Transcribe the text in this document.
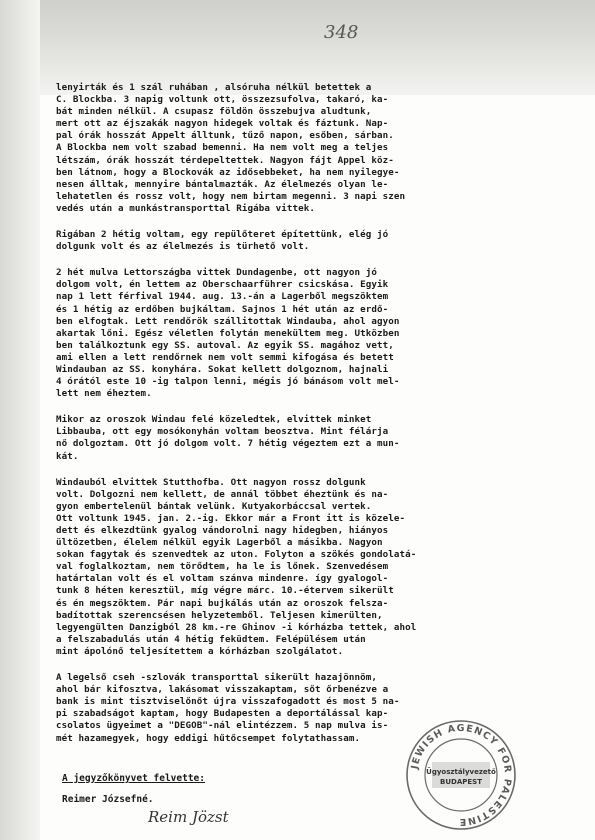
348
lenyirták és 1 szál ruhában , alsóruha nélkül betettek a
C. Blockba. 3 napig voltunk ott, összezsufolva, takaró, ka-
bát minden nélkül. A csupasz földön összebujva aludtunk,
mert ott az éjszakák nagyon hidegek voltak és fáztunk. Nap-
pal órák hosszát Appelt álltunk, tűző napon, esőben, sárban.
A Blockba nem volt szabad bemenni. Ha nem volt meg a teljes
létszám, órák hosszát térdepeltettek. Nagyon fájt Appel köz-
ben látnom, hogy a Blockovák az idősebbeket, ha nem nyilegye-
nesen álltak, mennyire bántalmazták. Az élelmezés olyan le-
lehatetlen és rossz volt, hogy nem birtam megenni. 3 napi szen
vedés után a munkástransporttal Rigába vittek.
Rigában 2 hétig voltam, egy repülőteret építettünk, elég jó
dolgunk volt és az élelmezés is türhető volt.
2 hét mulva Lettországba vittek Dundagenbe, ott nagyon jó
dolgom volt, én lettem az Oberschaarführer csicskása. Egyik
nap 1 lett férfival 1944. aug. 13.-án a Lagerből megszöktem
és 1 hétig az erdőben bujkáltam. Sajnos 1 hét után az erdő-
ben elfogtak. Lett rendőrök szállitottak Windauba, ahol agyon
akartak lőni. Egész véletlen folytán menekültem meg. Utközben
ben találkoztunk egy SS. autoval. Az egyik SS. magához vett,
ami ellen a lett rendőrnek nem volt semmi kifogása és betett
Windauban az SS. konyhára. Sokat kellett dolgoznom, hajnali
4 órától este 10 -ig talpon lenni, mégis jó bánásom volt mel-
lett nem éheztem.
Mikor az oroszok Windau felé közeledtek, elvittek minket
Libbauba, ott egy mosókonyhán voltam beosztva. Mint félárja
nő dolgoztam. Ott jó dolgom volt. 7 hétig végeztem ezt a mun-
kát.
Windauból elvittek Stutthofba. Ott nagyon rossz dolgunk
volt. Dolgozni nem kellett, de annál többet éheztünk és na-
gyon embertelenül bántak velünk. Kutyakorbáccsal vertek.
Ott voltunk 1945. jan. 2.-ig. Ekkor már a Front itt is közele-
dett és elkezdtünk gyalog vándorolni nagy hidegben, hiányos
ültözetben, élelem nélkül egyik Lagerből a másikba. Nagyon
sokan fagytak és szenvedtek az uton. Folyton a szökés gondolatá-
val foglalkoztam, nem törődtem, ha le is lőnek. Szenvedésem
határtalan volt és el voltam szánva mindenre. így gyalogol-
tunk 8 héten keresztül, míg végre márc. 10.-étervem sikerült
és én megszöktem. Pár napi bujkálás után az oroszok felsza-
badítottak szerencsésen helyzetemből. Teljesen kimerülten,
legyengülten Danzigból 28 km.-re Ghinov -i kórházba tettek, ahol
a felszabadulás után 4 hétig feküdtem. Felépülésem után
mint ápolónő teljesítettem a kórházban szolgálatot.
A legelső cseh -szlovák transporttal sikerült hazajönnöm,
ahol bár kifosztva, lakásomat visszakaptam, sőt őrbenézve a
bank is mint tisztviselőnőt újra visszafogadott és most 5 na-
pi szabadságot kaptam, hogy Budapesten a deportálással kap-
csolatos ügyeimet a "DEGOB"-nál elintézzem. 5 nap mulva is-
mét hazamegyek, hogy eddigi hűtőcsempet folytathassam.
A jegyzőkönyvet felvette:
Reimer Józsefné.
Reim Jözst
JEWISH AGENCY FOR PALESTINE
Ügyosztályvezető
BUDAPEST
